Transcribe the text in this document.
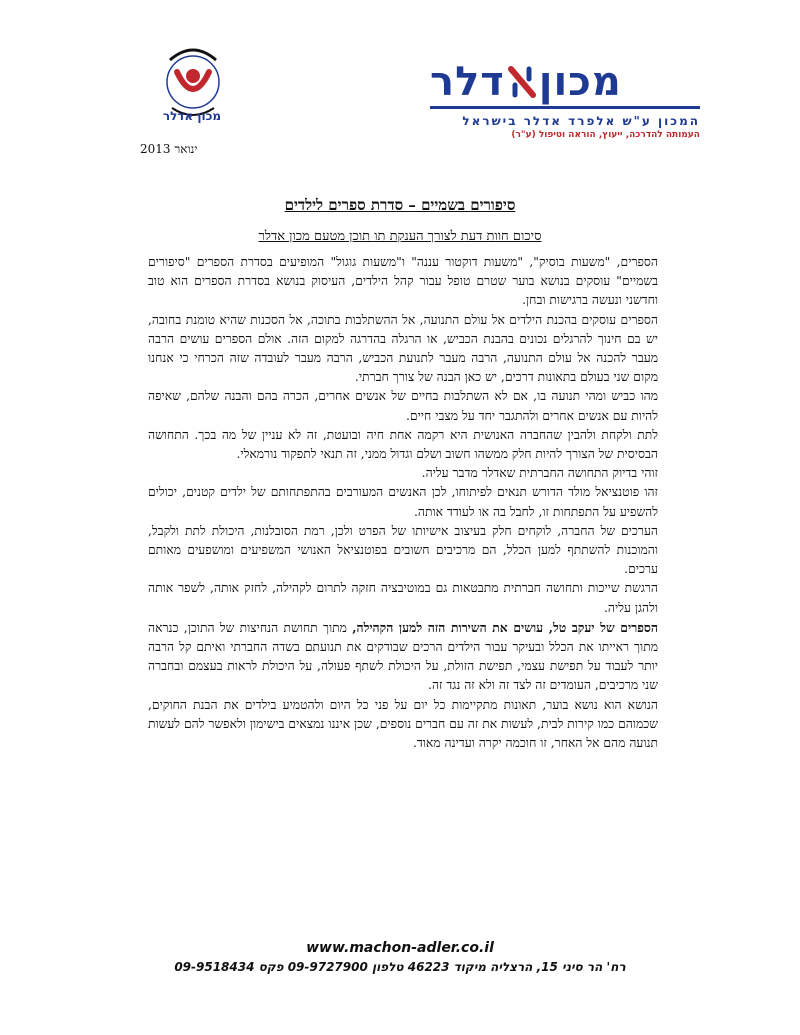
מכון
דלר
המכון ע"ש אלפרד אדלר בישראל
העמותה להדרכה, ייעוץ, הוראה וטיפול (ע"ר)
מכון אדלר
ינואר 2013
סיפורים בשמיים – סדרת ספרים לילדים
סיכום חוות דעת לצורך הענקת תו תוכן מטעם מכון אדלר

הספרים, "משעות בוסיק", "משעות דוקטור עננה" ו"משעות גוגול" המופיעים בסדרת הספרים "סיפורים בשמיים" עוסקים בנושא בוער שטרם טופל עבור קהל הילדים, העיסוק בנושא בסדרת הספרים הוא טוב וחדשני ונעשה ברגישות ובחן.

הספרים עוסקים בהכנת הילדים אל עולם התנועה, אל ההשתלבות בתוכה, אל הסכנות שהיא טומנת בחובה, יש בם חינוך להרגלים נכונים בהבנת הכביש, או הרגלה בהדרגה למקום הזה. אולם הספרים עושים הרבה מעבר להכנה אל עולם התנועה, הרבה מעבר לתנועת הכביש, הרבה מעבר לעובדה שזה הכרחי כי אנחנו מקום שני בעולם בתאונות דרכים, יש כאן הבנה של צורך חברתי.

מהו כביש ומהי תנועה בו, אם לא השתלבות בחיים של אנשים אחרים, הכרה בהם והבנה שלהם, שאיפה להיות עם אנשים אחרים ולהתגבר יחד על מצבי חיים.

לתת ולקחת ולהבין שהחברה האנושית היא רקמה אחת חיה ובועטת, זה לא עניין של מה בכך. התחושה הבסיסית של הצורך להיות חלק ממשהו חשוב ושלם וגדול ממני, זה תנאי לתפקוד נורמאלי.

זוהי בדיוק התחושה החברתית שאדלר מדבר עליה.

זהו פוטנציאל מולד הדורש תנאים לפיתוחו, לכן האנשים המעורבים בהתפתחותם של ילדים קטנים, יכולים להשפיע על התפתחות זו, לחבל בה או לעודד אותה.

הערכים של החברה, לוקחים חלק בעיצוב אישיותו של הפרט ולכן, רמת הסובלנות, היכולת לתת ולקבל, והמוכנות להשתתף למען הכלל, הם מרכיבים חשובים בפוטנציאל האנושי המשפיעים ומושפעים מאותם ערכים.

הרגשת שייכות ותחושה חברתית מתבטאות גם במוטיבציה חזקה לתרום לקהילה, לחזק אותה, לשפר אותה ולהגן עליה.

הספרים של יעקב טל, עושים את השירות הזה למען הקהילה, מתוך תחושת הנחיצות של התוכן, כנראה מתוך ראייתו את הכלל ובעיקר עבור הילדים הרכים שבודקים את תנועתם בשדה החברתי ואיתם קל הרבה יותר לעבוד על תפישת עצמי, תפישת הזולת, על היכולת לשתף פעולה, על היכולת לראות בעצמם ובחברה שני מרכיבים, העומדים זה לצד זה ולא זה נגד זה.

הנושא הוא נושא בוער, תאונות מתקיימות כל יום על פני כל היום ולהטמיע בילדים את הבנת החוקים, שכמוהם כמו קירות לבית, לעשות את זה עם חברים נוספים, שכן איננו נמצאים בישימון ולאפשר להם לעשות תנועה מהם אל האחר, זו חוכמה יקרה ועדינה מאוד.

www.machon-adler.co.il
רח' הר סיני 15, הרצליה מיקוד 46223 טלפון 09-9727900 פקס 09-9518434
